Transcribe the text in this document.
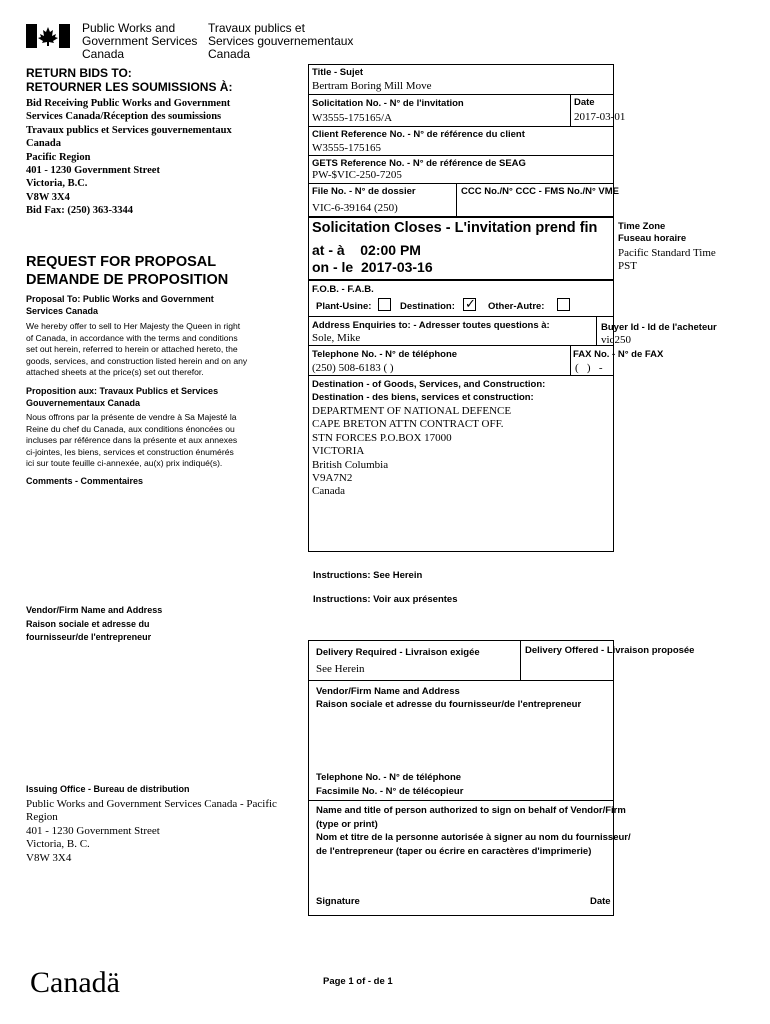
Public Works and
Government Services
Canada
Travaux publics et
Services gouvernementaux
Canada
RETURN BIDS TO:
RETOURNER LES SOUMISSIONS À:
Bid Receiving Public Works and Government
Services Canada/Réception des soumissions
Travaux publics et Services gouvernementaux
Canada
Pacific Region
401 - 1230 Government Street
Victoria, B.C.
V8W 3X4
Bid Fax: (250) 363-3344
REQUEST FOR PROPOSAL
DEMANDE DE PROPOSITION
Proposal To: Public Works and Government
Services Canada
We hereby offer to sell to Her Majesty the Queen in right
of Canada, in accordance with the terms and conditions
set out herein, referred to herein or attached hereto, the
goods, services, and construction listed herein and on any
attached sheets at the price(s) set out therefor.
Proposition aux: Travaux Publics et Services
Gouvernementaux Canada
Nous offrons par la présente de vendre à Sa Majesté la
Reine du chef du Canada, aux conditions énoncées ou
incluses par référence dans la présente et aux annexes
ci-jointes, les biens, services et construction énumérés
ici sur toute feuille ci-annexée, au(x) prix indiqué(s).
Comments - Commentaires
Vendor/Firm Name and Address
Raison sociale et adresse du
fournisseur/de l'entrepreneur
Issuing Office - Bureau de distribution
Public Works and Government Services Canada - Pacific
Region
401 - 1230 Government Street
Victoria, B. C.
V8W 3X4
Title - Sujet
Bertram Boring Mill Move
Solicitation No. - N° de l'invitation
W3555-175165/A
Date
2017-03-01
Client Reference No. - N° de référence du client
W3555-175165
GETS Reference No. - N° de référence de SEAG
PW-$VIC-250-7205
File No. - N° de dossier
VIC-6-39164 (250)
CCC No./N° CCC - FMS No./N° VME
Solicitation Closes - L'invitation prend fin
at - à 02:00 PM
on - le 2017-03-16
Time Zone
Fuseau horaire
Pacific Standard Time
PST
F.O.B. - F.A.B.
Plant-Usine:	Destination: ✓ Other-Autre:
Address Enquiries to: - Adresser toutes questions à:
Sole, Mike
Buyer Id - Id de l'acheteur
vic250
Telephone No. - N° de téléphone
(250) 508-6183 ( )
FAX No. - N° de FAX
(   )   -
Destination - of Goods, Services, and Construction:
Destination - des biens, services et construction:
DEPARTMENT OF NATIONAL DEFENCE
CAPE BRETON ATTN CONTRACT OFF.
STN FORCES P.O.BOX 17000
VICTORIA
British Columbia
V9A7N2
Canada
Instructions: See Herein
Instructions: Voir aux présentes
Delivery Required - Livraison exigée
See Herein
Delivery Offered - Livraison proposée
Vendor/Firm Name and Address
Raison sociale et adresse du fournisseur/de l'entrepreneur
Telephone No. - N° de téléphone
Facsimile No. - N° de télécopieur
Name and title of person authorized to sign on behalf of Vendor/Firm
(type or print)
Nom et titre de la personne autorisée à signer au nom du fournisseur/
de l'entrepreneur (taper ou écrire en caractères d'imprimerie)
Signature	Date
Canadä	Page 1 of - de 1
